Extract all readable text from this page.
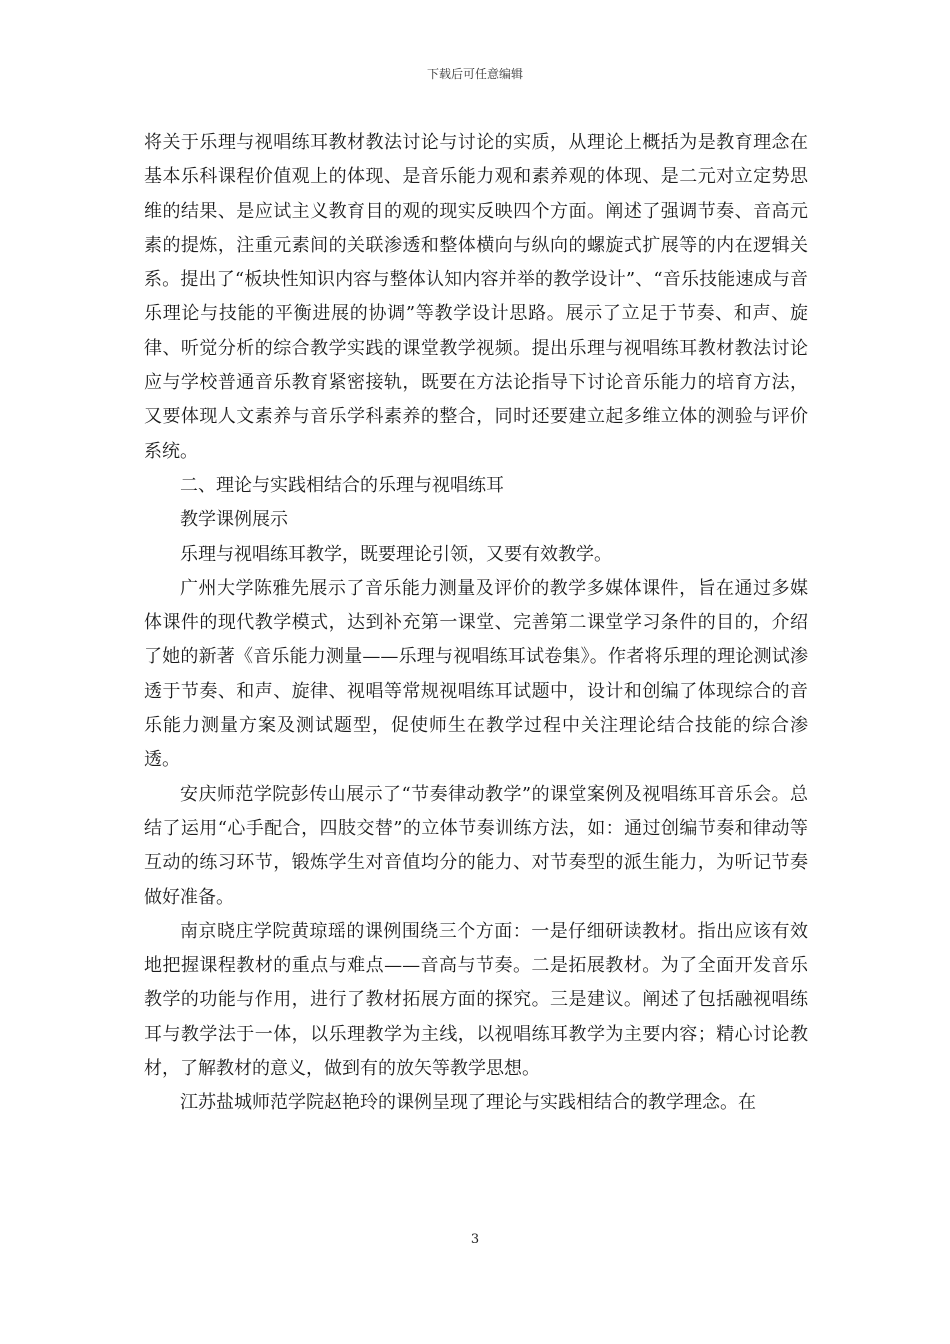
下载后可任意编辑

将关于乐理与视唱练耳教材教法讨论与讨论的实质，从理论上概括为是教育理念在基本乐科课程价值观上的体现、是音乐能力观和素养观的体现、是二元对立定势思维的结果、是应试主义教育目的观的现实反映四个方面。阐述了强调节奏、音高元素的提炼，注重元素间的关联渗透和整体横向与纵向的螺旋式扩展等的内在逻辑关系。提出了“板块性知识内容与整体认知内容并举的教学设计”、“音乐技能速成与音乐理论与技能的平衡进展的协调”等教学设计思路。展示了立足于节奏、和声、旋律、听觉分析的综合教学实践的课堂教学视频。提出乐理与视唱练耳教材教法讨论应与学校普通音乐教育紧密接轨，既要在方法论指导下讨论音乐能力的培育方法，又要体现人文素养与音乐学科素养的整合，同时还要建立起多维立体的测验与评价系统。

二、理论与实践相结合的乐理与视唱练耳

教学课例展示

乐理与视唱练耳教学，既要理论引领，又要有效教学。

广州大学陈雅先展示了音乐能力测量及评价的教学多媒体课件，旨在通过多媒体课件的现代教学模式，达到补充第一课堂、完善第二课堂学习条件的目的，介绍了她的新著《音乐能力测量——乐理与视唱练耳试卷集》。作者将乐理的理论测试渗透于节奏、和声、旋律、视唱等常规视唱练耳试题中，设计和创编了体现综合的音乐能力测量方案及测试题型，促使师生在教学过程中关注理论结合技能的综合渗透。

安庆师范学院彭传山展示了“节奏律动教学”的课堂案例及视唱练耳音乐会。总结了运用“心手配合，四肢交替”的立体节奏训练方法，如：通过创编节奏和律动等互动的练习环节，锻炼学生对音值均分的能力、对节奏型的派生能力，为听记节奏做好准备。

南京晓庄学院黄琼瑶的课例围绕三个方面：一是仔细研读教材。指出应该有效地把握课程教材的重点与难点——音高与节奏。二是拓展教材。为了全面开发音乐教学的功能与作用，进行了教材拓展方面的探究。三是建议。阐述了包括融视唱练耳与教学法于一体，以乐理教学为主线，以视唱练耳教学为主要内容；精心讨论教材，了解教材的意义，做到有的放矢等教学思想。

江苏盐城师范学院赵艳玲的课例呈现了理论与实践相结合的教学理念。在

3
